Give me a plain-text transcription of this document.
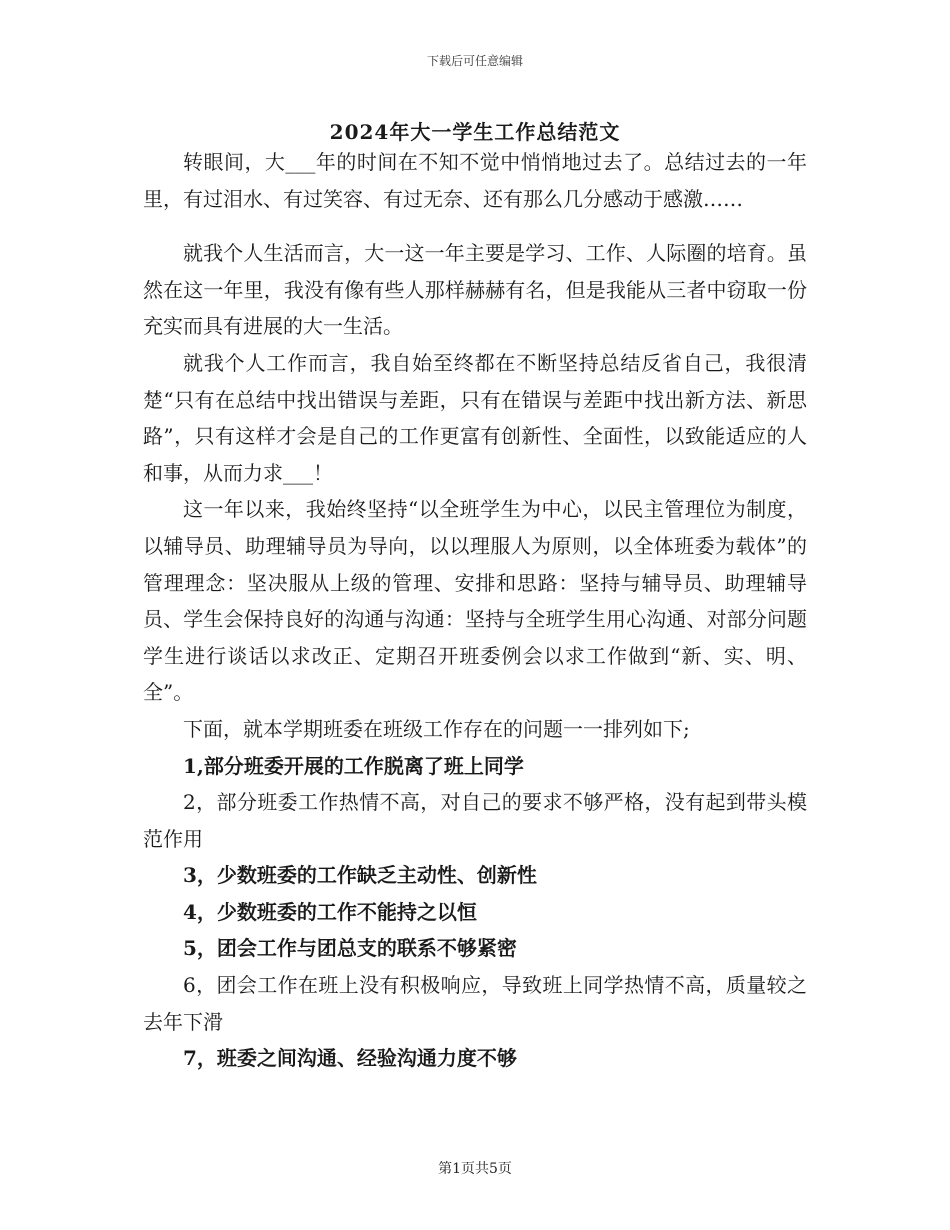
下载后可任意编辑
2024年大一学生工作总结范文

转眼间，大___年的时间在不知不觉中悄悄地过去了。总结过去的一年里，有过泪水、有过笑容、有过无奈、还有那么几分感动于感激……

就我个人生活而言，大一这一年主要是学习、工作、人际圈的培育。虽然在这一年里，我没有像有些人那样赫赫有名，但是我能从三者中窃取一份充实而具有进展的大一生活。

就我个人工作而言，我自始至终都在不断坚持总结反省自己，我很清楚“只有在总结中找出错误与差距，只有在错误与差距中找出新方法、新思路”，只有这样才会是自己的工作更富有创新性、全面性，以致能适应的人和事，从而力求___！

这一年以来，我始终坚持“以全班学生为中心，以民主管理位为制度，以辅导员、助理辅导员为导向，以以理服人为原则，以全体班委为载体”的管理理念：坚决服从上级的管理、安排和思路：坚持与辅导员、助理辅导员、学生会保持良好的沟通与沟通：坚持与全班学生用心沟通、对部分问题学生进行谈话以求改正、定期召开班委例会以求工作做到“新、实、明、全”。

下面，就本学期班委在班级工作存在的问题一一排列如下;

1,部分班委开展的工作脱离了班上同学

2，部分班委工作热情不高，对自己的要求不够严格，没有起到带头模范作用

3，少数班委的工作缺乏主动性、创新性

4，少数班委的工作不能持之以恒

5，团会工作与团总支的联系不够紧密

6，团会工作在班上没有积极响应，导致班上同学热情不高，质量较之去年下滑

7，班委之间沟通、经验沟通力度不够

第1页共5页
